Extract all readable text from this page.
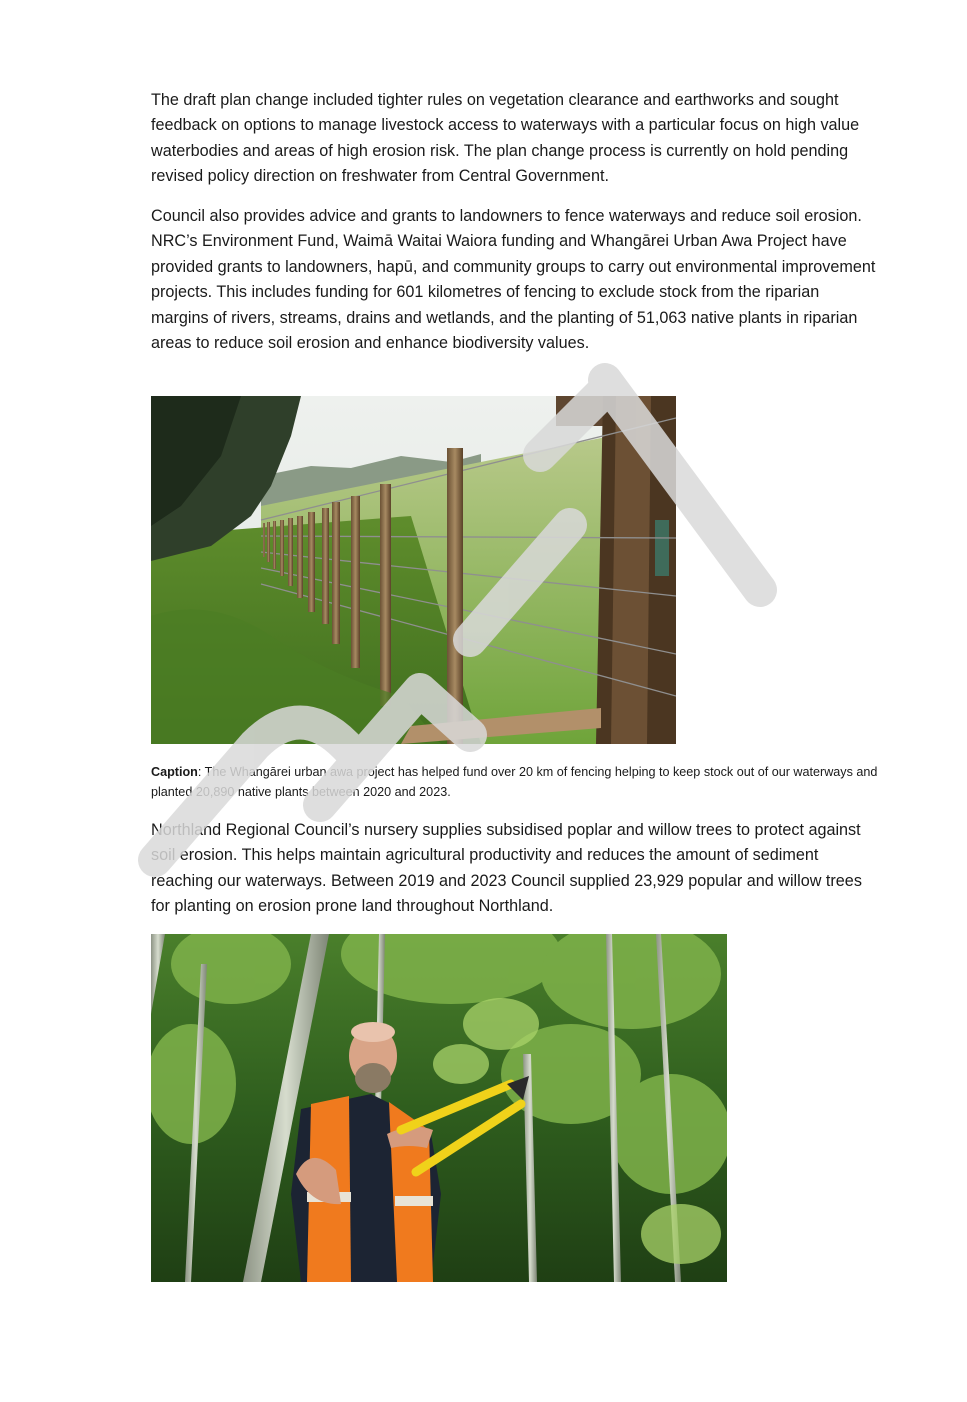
The draft plan change included tighter rules on vegetation clearance and earthworks and sought feedback on options to manage livestock access to waterways with a particular focus on high value waterbodies and areas of high erosion risk. The plan change process is currently on hold pending revised policy direction on freshwater from Central Government.

Council also provides advice and grants to landowners to fence waterways and reduce soil erosion. NRC’s Environment Fund, Waimā Waitai Waiora funding and Whangārei Urban Awa Project have provided grants to landowners, hapū, and community groups to carry out environmental improvement projects. This includes funding for 601 kilometres of fencing to exclude stock from the riparian margins of rivers, streams, drains and wetlands, and the planting of 51,063 native plants in riparian areas to reduce soil erosion and enhance biodiversity values.

Caption: The Whangārei urban awa project has helped fund over 20 km of fencing helping to keep stock out of our waterways and planted 20,890 native plants between 2020 and 2023.

Northland Regional Council’s nursery supplies subsidised poplar and willow trees to protect against soil erosion. This helps maintain agricultural productivity and reduces the amount of sediment reaching our waterways. Between 2019 and 2023 Council supplied 23,929 popular and willow trees for planting on erosion prone land throughout Northland.
